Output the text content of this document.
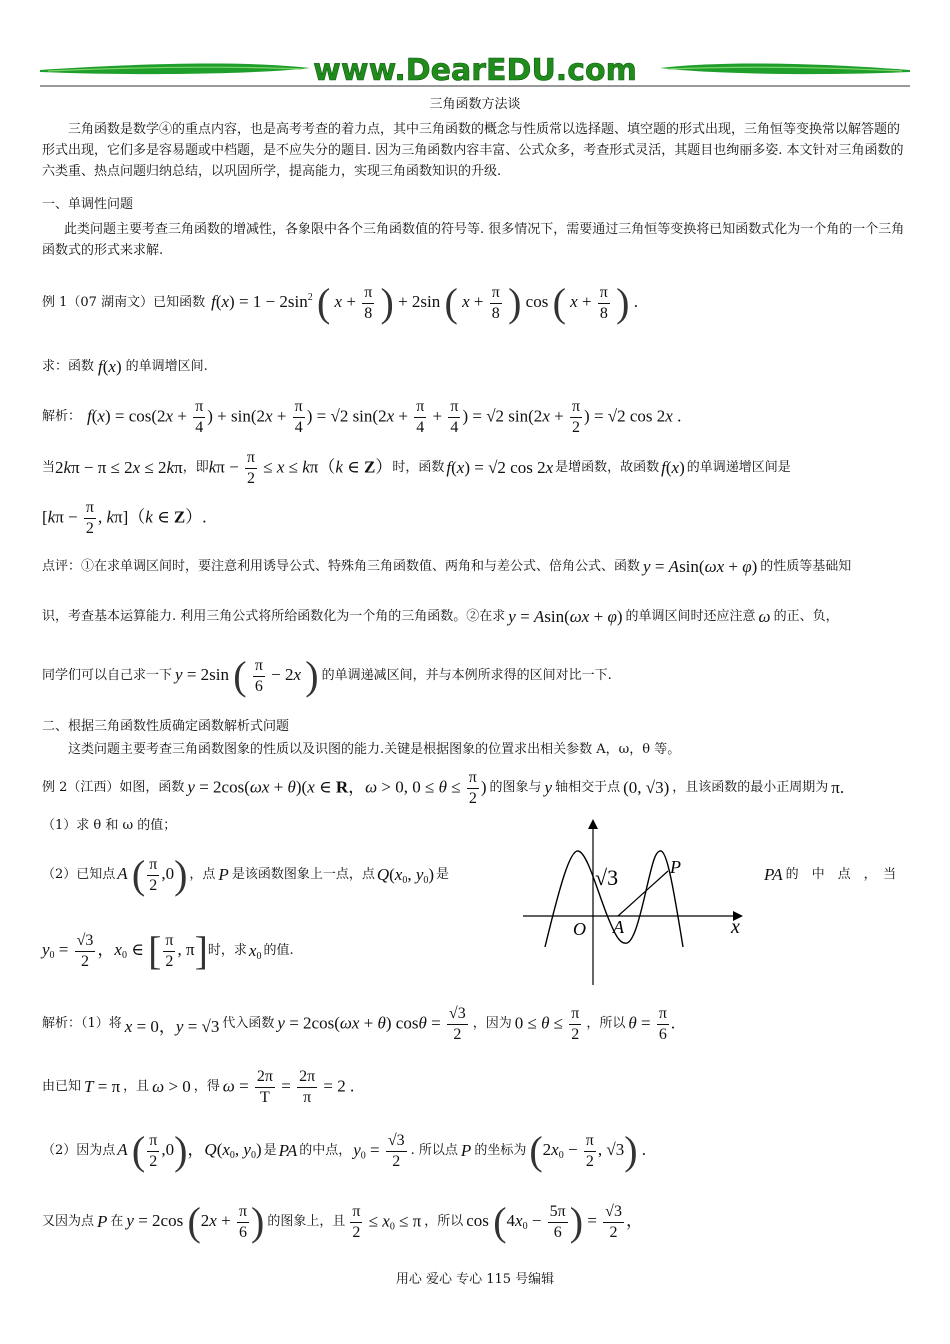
www.DearEDU.com
三角函数方法谈
三角函数是数学④的重点内容，也是高考考查的着力点，其中三角函数的概念与性质常以选择题、填空题的形式出现，三角恒等变换常以解答题的形式出现，它们多是容易题或中档题，是不应失分的题目. 因为三角函数内容丰富、公式众多，考查形式灵活，其题目也绚丽多姿. 本文针对三角函数的六类重、热点问题归纳总结，以巩固所学，提高能力，实现三角函数知识的升级.
一、单调性问题
此类问题主要考查三角函数的增减性，各象限中各个三角函数值的符号等. 很多情况下，需要通过三角恒等变换将已知函数式化为一个角的一个三角函数式的形式来求解.
例 1（07 湖南文）已知函数 $f(x) = 1 - 2\sin^2$ ( $x + \frac{\pi}{8}$ ) + 2sin ( $x + \frac{\pi}{8}$ ) cos ( $x + \frac{\pi}{8}$ ) .
求：函数 f(x) 的单调增区间.
解析： $f(x) = \cos(2x + \frac{\pi}{4}$ ) + $\sin(2x + \frac{\pi}{4}$ ) = √2 $\sin(2x + \frac{\pi}{4} + \frac{\pi}{4}$ ) = √2 $\sin(2x + \frac{\pi}{2}$ ) = √2 cos 2x .
当 2kπ − π ≤ 2x ≤ 2kπ ，即 $k\pi - \frac{\pi}{2} \le x \le k\pi(k$ ∈ Z） 时，函数 f(x) = √2 cos 2x 是增函数，故函数 f(x) 的单调递增区间是
[$k\pi - \frac{\pi}{2}$ , kπ]（k ∈ Z）.
点评： ①在求单调区间时，要注意利用诱导公式、特殊角三角函数值、两角和与差公式、倍角公式、函数 y = Asin(ωx + φ) 的性质等基础知
识，考查基本运算能力. 利用三角公式将所给函数化为一个角的三角函数。②在求 y = Asin(ωx + φ) 的单调区间时还应注意 ω 的正、负，
同学们可以自己求一下 y = 2sin ( $\frac{\pi}{6} - 2x$ ) 的单调递减区间，并与本例所求得的区间对比一下.
二、根据三角函数性质确定函数解析式问题
这类问题主要考查三角函数图象的性质以及识图的能力.关键是根据图象的位置求出相关参数 A，ω，θ 等。
例 2（江西）如图，函数 y = 2cos(ωx + θ)(x ∈ R，ω > 0, $0 \le \theta \le \frac{\pi}{2}$ ) 的图象与 y 轴相交于点 (0, √3) ，且该函数的最小正周期为 π.
（1）求 θ 和 ω 的值；
√3	P
O A	x
（2）已知点 A ( $\frac{\pi}{2} ,0$) ，点 P 是该函数图象上一点，点 $Q(x_0$, $y_0$) 是	PA 的　中　点　，　当
$y_0 = \frac{√3}{2}$ ，$x_0$ ∈ [ $\frac{\pi}{2}$ , π] 时，求 $x_0$ 的值.
解析：（1）将 x = 0，y = √3 代入函数 y = 2cos(ωx + θ) $\cos\theta = \frac{√3}{2}$ ，因为 $0 \le \theta \le \frac{\pi}{2}$ ，所以 $\theta = \frac{\pi}{6}$ .
由已知 T = π ，且 ω > 0 ，得 $\omega = \frac{2\pi}{T} = \frac{2\pi}{\pi} = 2$ .
（2）因为点 A ( $\frac{\pi}{2} ,0$)，$Q(x_0$, $y_0$) 是 PA 的中点， $y_0 = \frac{√3}{2}$ . 所以点 P 的坐标为 ($2x_0 - \frac{\pi}{2}$ , √3) .
又因为点 P 在 y = 2cos ($2x + \frac{\pi}{6}$ ) 的图象上，且 $\frac{\pi}{2} \le x_0 \le \pi$ ，所以 $\cos (4x_0 - \frac{5\pi}{6}$ ) = $\frac{√3}{2}$ ，
用心 爱心 专心 115 号编辑
